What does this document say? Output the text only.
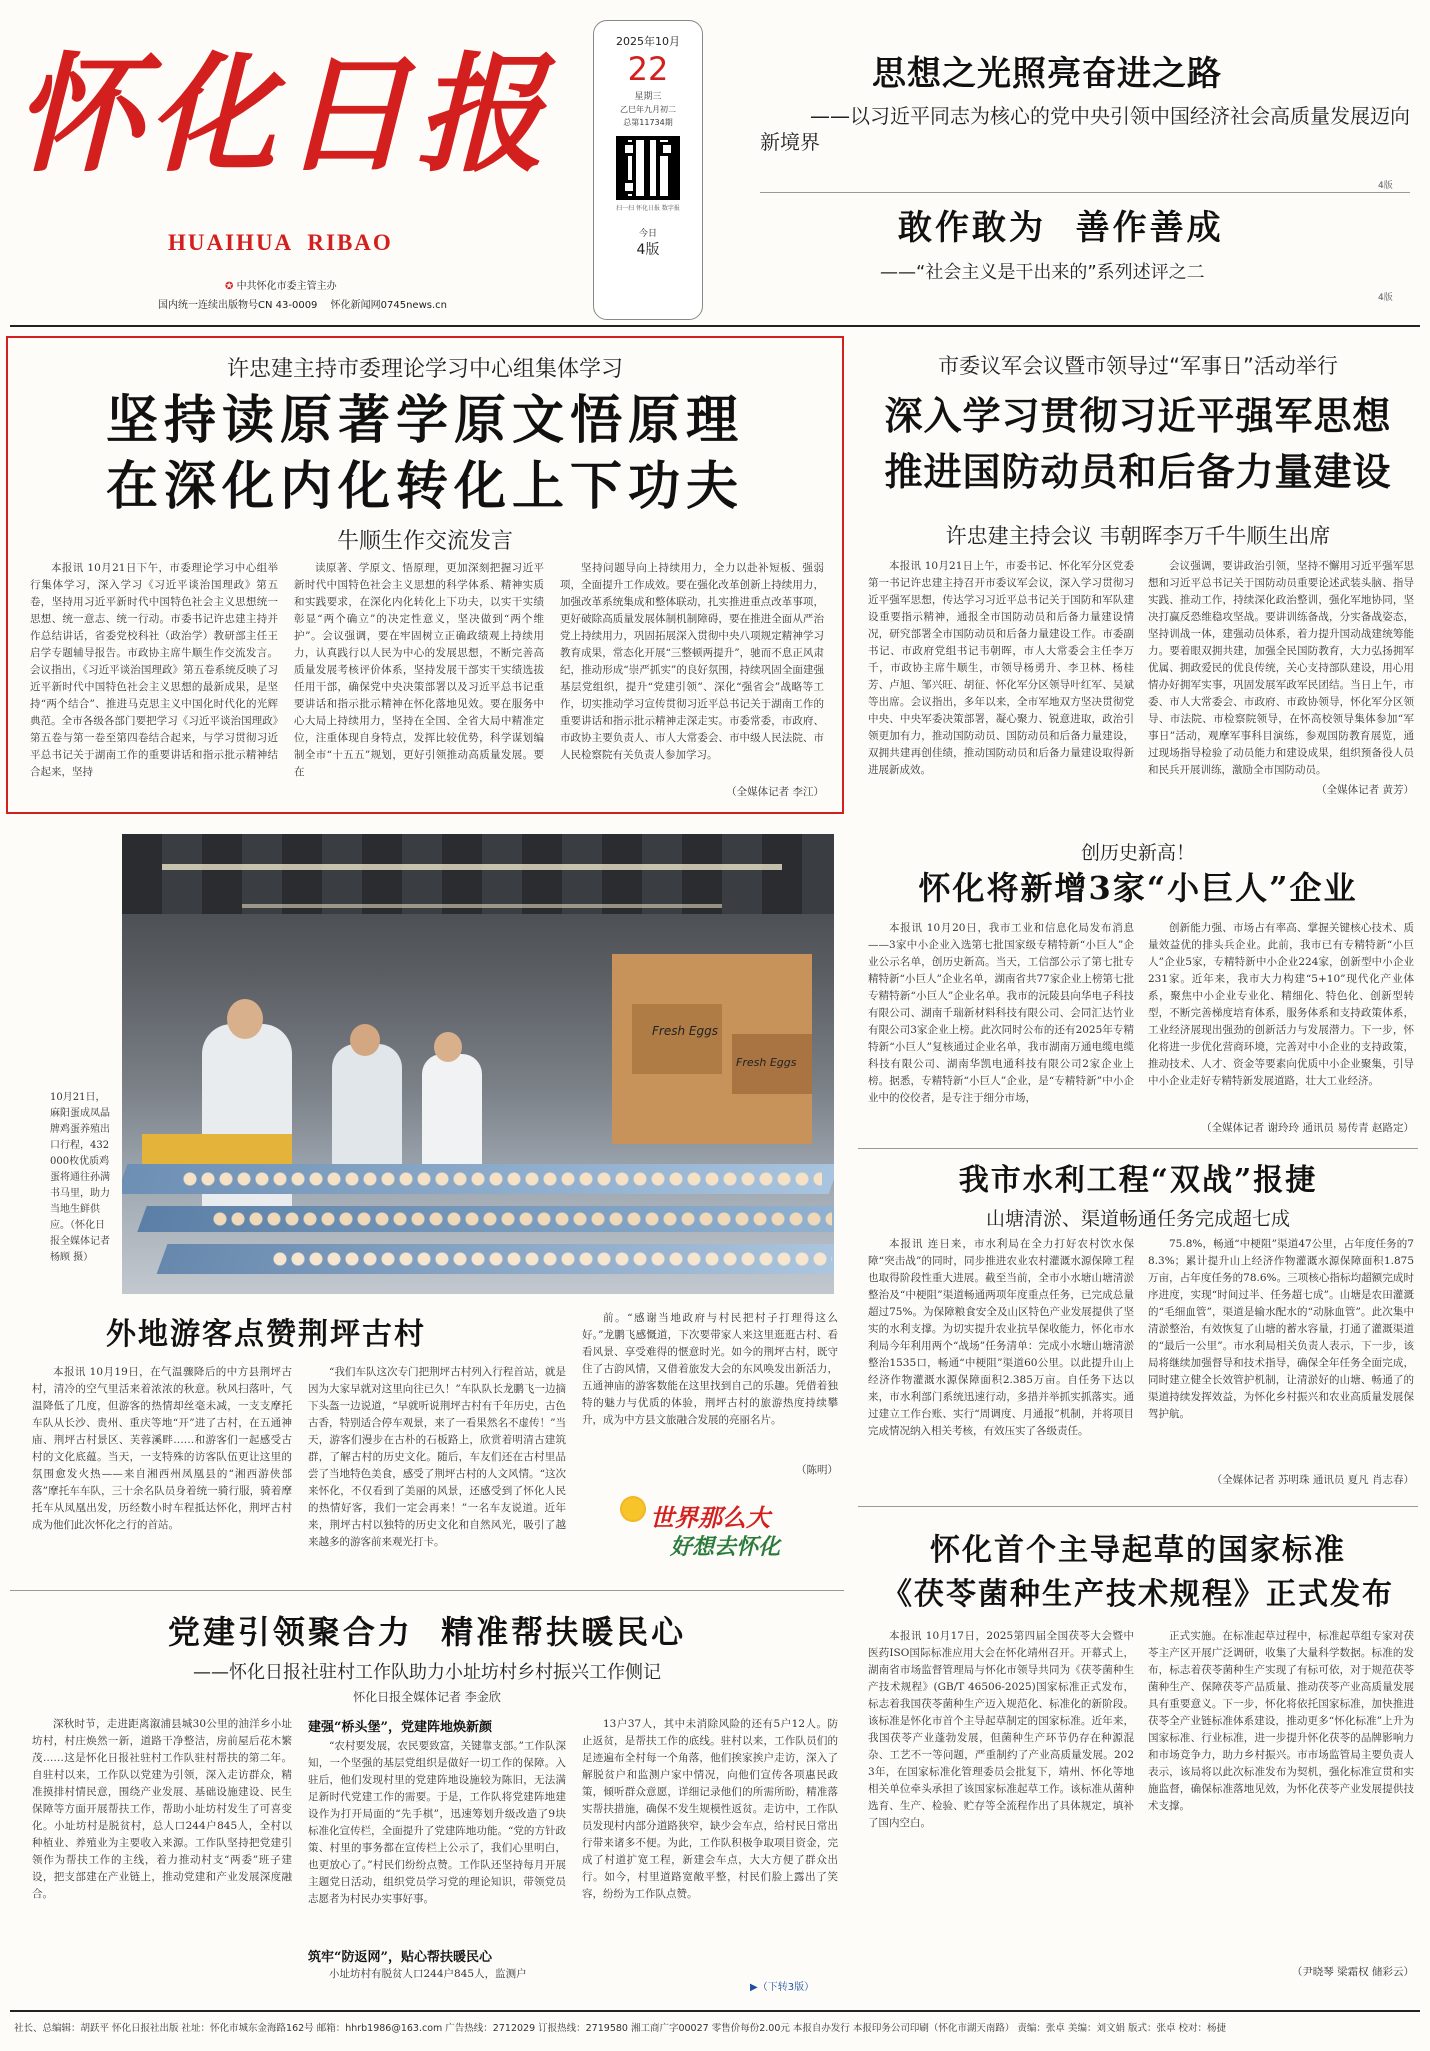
怀化日报
HUAIHUA  RIBAO
✪ 中共怀化市委主管主办
国内统一连续出版物号CN 43-0009 怀化新闻网0745news.cn
2025年10月
22
星期三
乙巳年九月初二
总第11734期
扫一扫 怀化日报 数字报
今日
4版
思想之光照亮奋进之路
——以习近平同志为核心的党中央引领中国经济社会高质量发展迈向新境界
4版
敢作敢为  善作善成
——“社会主义是干出来的”系列述评之二
4版
许忠建主持市委理论学习中心组集体学习
坚持读原著学原文悟原理
在深化内化转化上下功夫
牛顺生作交流发言

本报讯 10月21日下午，市委理论学习中心组举行集体学习，深入学习《习近平谈治国理政》第五卷，坚持用习近平新时代中国特色社会主义思想统一思想、统一意志、统一行动。市委书记许忠建主持并作总结讲话，省委党校科社（政治学）教研部主任王启学专题辅导报告。市政协主席牛顺生作交流发言。会议指出，《习近平谈治国理政》第五卷系统反映了习近平新时代中国特色社会主义思想的最新成果，是坚持“两个结合”、推进马克思主义中国化时代化的光辉典范。全市各级各部门要把学习《习近平谈治国理政》第五卷与第一卷至第四卷结合起来，与学习贯彻习近平总书记关于湖南工作的重要讲话和指示批示精神结合起来，坚持

读原著、学原文、悟原理，更加深刻把握习近平新时代中国特色社会主义思想的科学体系、精神实质和实践要求，在深化内化转化上下功夫，以实干实绩彰显“两个确立”的决定性意义，坚决做到“两个维护”。会议强调，要在牢固树立正确政绩观上持续用力，认真践行以人民为中心的发展思想，不断完善高质量发展考核评价体系，坚持发展干部实干实绩选拔任用干部，确保党中央决策部署以及习近平总书记重要讲话和指示批示精神在怀化落地见效。要在服务中心大局上持续用力，坚持在全国、全省大局中精准定位，注重体现自身特点，发挥比较优势，科学谋划编制全市“十五五”规划，更好引领推动高质量发展。要在

坚持问题导向上持续用力，全力以赴补短板、强弱项，全面提升工作成效。要在强化改革创新上持续用力，加强改革系统集成和整体联动，扎实推进重点改革事项，更好破除高质量发展体制机制障碍，要在推进全面从严治党上持续用力，巩固拓展深入贯彻中央八项规定精神学习教育成果，常态化开展“三整顿两提升”，驰而不息正风肃纪，推动形成“崇严抓实”的良好氛围，持续巩固全面建强基层党组织，提升“党建引领”、深化“强省会”战略等工作，切实推动学习宣传贯彻习近平总书记关于湖南工作的重要讲话和指示批示精神走深走实。市委常委，市政府、市政协主要负责人、市人大常委会、市中级人民法院、市人民检察院有关负责人参加学习。

（全媒体记者 李江）
市委议军会议暨市领导过“军事日”活动举行
深入学习贯彻习近平强军思想
推进国防动员和后备力量建设
许忠建主持会议 韦朝晖李万千牛顺生出席

本报讯 10月21日上午，市委书记、怀化军分区党委第一书记许忠建主持召开市委议军会议，深入学习贯彻习近平强军思想，传达学习习近平总书记关于国防和军队建设重要指示精神，通报全市国防动员和后备力量建设情况，研究部署全市国防动员和后备力量建设工作。市委副书记、市政府党组书记韦朝晖，市人大常委会主任李万千，市政协主席牛顺生，市领导杨勇升、李卫林、杨桂芳、卢旭、邹兴旺、胡征、怀化军分区领导叶红军、吴斌等出席。会议指出，多年以来，全市军地双方坚决贯彻党中央、中央军委决策部署，凝心聚力、锐意进取，政治引领更加有力，推动国防动员、国防动员和后备力量建设，双拥共建再创佳绩，推动国防动员和后备力量建设取得新进展新成效。

会议强调，要讲政治引领，坚持不懈用习近平强军思想和习近平总书记关于国防动员重要论述武装头脑、指导实践、推动工作，持续深化政治整训，强化军地协同，坚决打赢反恐维稳攻坚战。要讲训练备战，分实备战姿态，坚持训战一体，建强动员体系，着力提升国动战建统筹能力。要着眼双拥共建，加强全民国防教育，大力弘扬拥军优属、拥政爱民的优良传统，关心支持部队建设，用心用情办好拥军实事，巩固发展军政军民团结。当日上午，市委、市人大常委会、市政府、市政协领导，怀化军分区领导、市法院、市检察院领导，在怀高校领导集体参加“军事日”活动，观摩军事科目演练，参观国防教育展览，通过现场指导检验了动员能力和建设成果，组织预备役人员和民兵开展训练，激励全市国防动员。

（全媒体记者 黄芳）
Fresh Eggs
Fresh Eggs
10月21日，麻阳蛋成凤晶牌鸡蛋养殖出口行程，432000枚优质鸡蛋将通往孙满书马里，助力当地生鲜供应。（怀化日报全媒体记者 杨顾 摄）
创历史新高！
怀化将新增3家“小巨人”企业

本报讯 10月20日，我市工业和信息化局发布消息——3家中小企业入选第七批国家级专精特新“小巨人”企业公示名单，创历史新高。当天，工信部公示了第七批专精特新“小巨人”企业名单，湖南省共77家企业上榜第七批专精特新“小巨人”企业名单。我市的沅陵县向华电子科技有限公司、湖南千瑞新材料科技有限公司、会同汇达竹业有限公司3家企业上榜。此次同时公布的还有2025年专精特新“小巨人”复核通过企业名单，我市湖南万通电缆电缆科技有限公司、湖南华凯电通科技有限公司2家企业上榜。据悉，专精特新“小巨人”企业，是“专精特新”中小企业中的佼佼者，是专注于细分市场，

创新能力强、市场占有率高、掌握关键核心技术、质量效益优的排头兵企业。此前，我市已有专精特新“小巨人”企业5家，专精特新中小企业224家，创新型中小企业231家。近年来，我市大力构建“5+10”现代化产业体系，聚焦中小企业专业化、精细化、特色化、创新型转型，不断完善梯度培育体系，服务体系和支持政策体系，工业经济展现出强劲的创新活力与发展潜力。下一步，怀化将进一步优化营商环境，完善对中小企业的支持政策，推动技术、人才、资金等要素向优质中小企业聚集，引导中小企业走好专精特新发展道路，壮大工业经济。

（全媒体记者 谢玲玲 通讯员 易传青 赵路定）
我市水利工程“双战”报捷
山塘清淤、渠道畅通任务完成超七成

本报讯 连日来，市水利局在全力打好农村饮水保障“突击战”的同时，同步推进农业农村灌溉水源保障工程也取得阶段性重大进展。截至当前，全市小水塘山塘清淤整治及“中梗阻”渠道畅通两项年度重点任务，已完成总量超过75%。为保障粮食安全及山区特色产业发展提供了坚实的水利支撑。为切实提升农业抗旱保收能力，怀化市水利局今年利用两个“战场”任务清单：完成小水塘山塘清淤整治1535口，畅通“中梗阻”渠道60公里。以此提升山上经济作物灌溉水源保障面积2.385万亩。自任务下达以来，市水利部门系统迅速行动，多措并举抓实抓落实。通过建立工作台账、实行“周调度、月通报”机制，并将项目完成情况纳入相关考核，有效压实了各级责任。

75.8%，畅通“中梗阻”渠道47公里，占年度任务的78.3%；累计提升山上经济作物灌溉水源保障面积1.875万亩，占年度任务的78.6%。三项核心指标均超额完成时序进度，实现“时间过半、任务超七成”。山塘是农田灌溉的“毛细血管”，渠道是输水配水的“动脉血管”。此次集中清淤整治，有效恢复了山塘的蓄水容量，打通了灌溉渠道的“最后一公里”。市水利局相关负责人表示，下一步，该局将继续加强督导和技术指导，确保全年任务全面完成，同时建立健全长效管护机制，让清淤好的山塘、畅通了的渠道持续发挥效益，为怀化乡村振兴和农业高质量发展保驾护航。

（全媒体记者 苏明珠 通讯员 夏凡 肖志春）
外地游客点赞荆坪古村

本报讯 10月19日，在气温骤降后的中方县荆坪古村，清冷的空气里活来着浓浓的秋意。秋风扫落叶，气温降低了几度，但游客的热情却丝毫未减，一支支摩托车队从长沙、贵州、重庆等地“开”进了古村，在五通神庙、荆坪古村景区、芙蓉溪畔……和游客们一起感受古村的文化底蕴。当天，一支特殊的访客队伍更让这里的氛围愈发火热——来自湘西州凤凰县的“湘西游侠部落”摩托车车队，三十余名队员身着统一骑行服，骑着摩托车从凤凰出发，历经数小时车程抵达怀化，荆坪古村成为他们此次怀化之行的首站。

“我们车队这次专门把荆坪古村列入行程首站，就是因为大家早就对这里向往已久！”车队队长龙鹏飞一边摘下头盔一边说道，“早就听说荆坪古村有千年历史，古色古香，特别适合停车观景，来了一看果然名不虚传！”当天，游客们漫步在古朴的石板路上，欣赏着明清古建筑群，了解古村的历史文化。随后，车友们还在古村里品尝了当地特色美食，感受了荆坪古村的人文风情。“这次来怀化，不仅看到了美丽的风景，还感受到了怀化人民的热情好客，我们一定会再来！”一名车友说道。近年来，荆坪古村以独特的历史文化和自然风光，吸引了越来越多的游客前来观光打卡。

前。“感谢当地政府与村民把村子打理得这么好。”龙鹏飞感慨道，下次要带家人来这里逛逛古村、看看风景、享受难得的惬意时光。如今的荆坪古村，既守住了古韵风情，又借着旅发大会的东风唤发出新活力，五通神庙的游客数能在这里找到自己的乐趣。凭借着独特的魅力与优质的体验，荆坪古村的旅游热度持续攀升，成为中方县文旅融合发展的亮丽名片。

（陈明）
世界那么大
好想去怀化	怀化首个主导起草的国家标准
《茯苓菌种生产技术规程》正式发布

本报讯 10月17日，2025第四届全国茯苓大会暨中医药ISO国际标准应用大会在怀化靖州召开。开幕式上，湖南省市场监督管理局与怀化市领导共同为《茯苓菌种生产技术规程》(GB/T 46506-2025)国家标准正式发布，标志着我国茯苓菌种生产迈入规范化、标准化的新阶段。该标准是怀化市首个主导起草制定的国家标准。近年来，我国茯苓产业蓬勃发展，但菌种生产环节仍存在种源混杂、工艺不一等问题，严重制约了产业高质量发展。2023年，在国家标准化管理委员会批复下，靖州、怀化等地相关单位牵头承担了该国家标准起草工作。该标准从菌种选育、生产、检验、贮存等全流程作出了具体规定，填补了国内空白。

正式实施。在标准起草过程中，标准起草组专家对茯苓主产区开展广泛调研，收集了大量科学数据。标准的发布，标志着茯苓菌种生产实现了有标可依，对于规范茯苓菌种生产、保障茯苓产品质量、推动茯苓产业高质量发展具有重要意义。下一步，怀化将依托国家标准，加快推进茯苓全产业链标准体系建设，推动更多“怀化标准”上升为国家标准、行业标准，进一步提升怀化茯苓的品牌影响力和市场竞争力，助力乡村振兴。市市场监管局主要负责人表示，该局将以此次标准发布为契机，强化标准宣贯和实施监督，确保标准落地见效，为怀化茯苓产业发展提供技术支撑。

（尹晓琴 梁霜权 储彩云）
党建引领聚合力  精准帮扶暖民心
——怀化日报社驻村工作队助力小址坊村乡村振兴工作侧记
怀化日报全媒体记者 李金欣

深秋时节，走进距离溆浦县城30公里的油洋乡小址坊村，村庄焕然一新，道路干净整洁，房前屋后花木繁茂……这是怀化日报社驻村工作队驻村帮扶的第二年。自驻村以来，工作队以党建为引领，深入走访群众，精准摸排村情民意，围绕产业发展、基础设施建设、民生保障等方面开展帮扶工作，帮助小址坊村发生了可喜变化。小址坊村是脱贫村，总人口244户845人，全村以种植业、养殖业为主要收入来源。工作队坚持把党建引领作为帮扶工作的主线，着力推动村支“两委”班子建设，把支部建在产业链上，推动党建和产业发展深度融合。

建强“桥头堡”，党建阵地焕新颜

“农村要发展，农民要致富，关键靠支部。”工作队深知，一个坚强的基层党组织是做好一切工作的保障。入驻后，他们发现村里的党建阵地设施较为陈旧，无法满足新时代党建工作的需要。于是，工作队将党建阵地建设作为打开局面的“先手棋”，迅速筹划升级改造了9块标准化宣传栏，全面提升了党建阵地功能。“党的方针政策、村里的事务都在宣传栏上公示了，我们心里明白，也更放心了。”村民们纷纷点赞。工作队还坚持每月开展主题党日活动，组织党员学习党的理论知识，带领党员志愿者为村民办实事好事。

筑牢“防返网”，贴心帮扶暖民心

小址坊村有脱贫人口244户845人，监测户

13户37人，其中未消除风险的还有5户12人。防止返贫，是帮扶工作的底线。驻村以来，工作队员们的足迹遍布全村每一个角落，他们挨家挨户走访，深入了解脱贫户和监测户家中情况，向他们宣传各项惠民政策，倾听群众意愿，详细记录他们的所需所盼，精准落实帮扶措施，确保不发生规模性返贫。走访中，工作队员发现村内部分道路狭窄，缺少会车点，给村民日常出行带来诸多不便。为此，工作队积极争取项目资金，完成了村道扩宽工程，新建会车点，大大方便了群众出行。如今，村里道路宽敞平整，村民们脸上露出了笑容，纷纷为工作队点赞。

▶（下转3版）
社长、总编辑：胡跃平 怀化日报社出版 社址：怀化市城东金海路162号 邮箱：hhrb1986@163.com 广告热线：2712029 订报热线：2719580 湘工商广字00027 零售价每份2.00元 本报自办发行 本报印务公司印刷（怀化市湖天南路） 责编：张卓 美编：刘文娟 版式：张卓 校对：杨捷
